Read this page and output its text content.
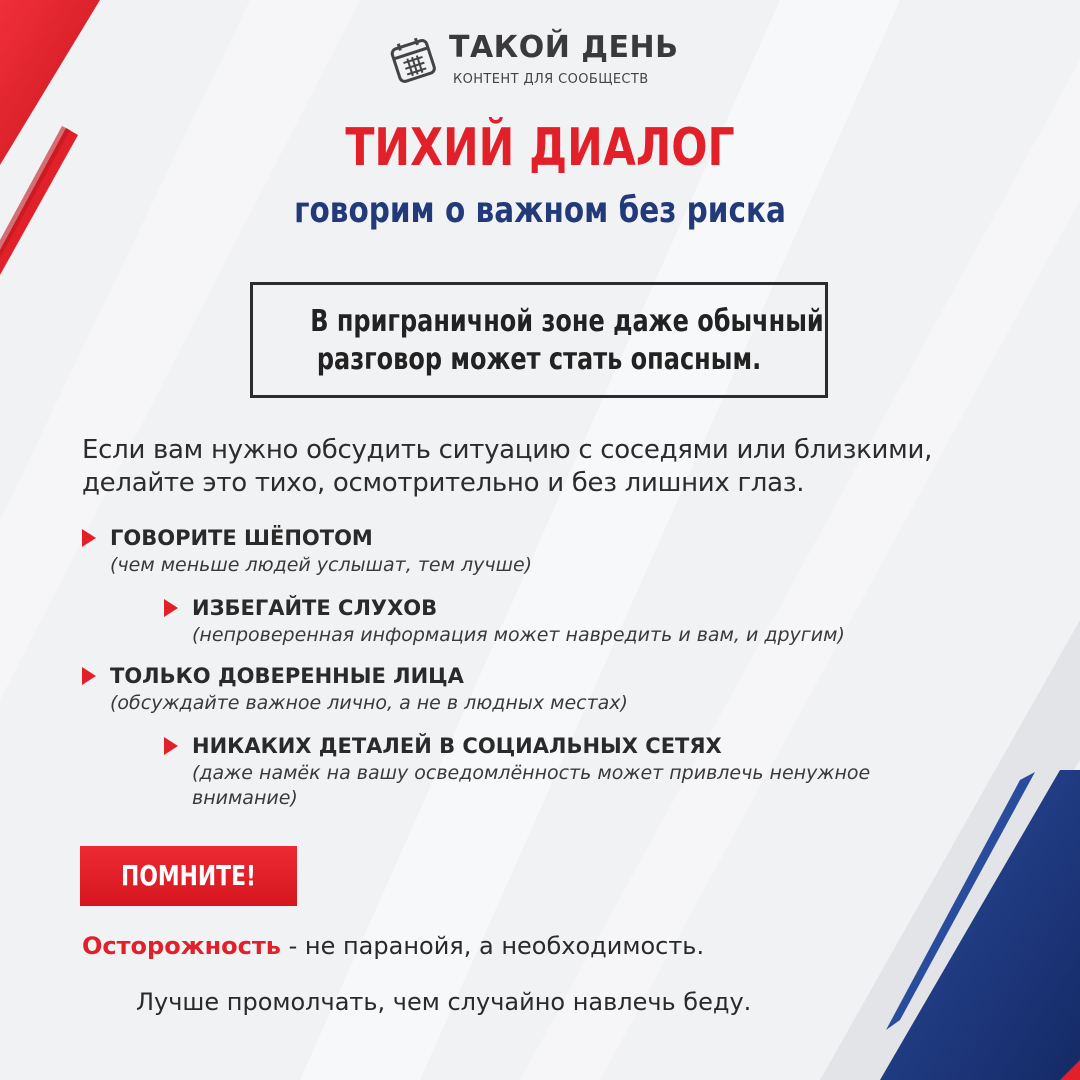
ТАКОЙ ДЕНЬ
КОНТЕНТ ДЛЯ СООБЩЕСТВ
ТИХИЙ ДИАЛОГ
говорим о важном без риска
В приграничной зоне даже обычный
разговор может стать опасным.
Если вам нужно обсудить ситуацию с соседями или близкими,
делайте это тихо, осмотрительно и без лишних глаз.
ГОВОРИТЕ ШЁПОТОМ
(чем меньше людей услышат, тем лучше)
ИЗБЕГАЙТЕ СЛУХОВ
(непроверенная информация может навредить и вам, и другим)
ТОЛЬКО ДОВЕРЕННЫЕ ЛИЦА
(обсуждайте важное лично, а не в людных местах)
НИКАКИХ ДЕТАЛЕЙ В СОЦИАЛЬНЫХ СЕТЯХ
(даже намёк на вашу осведомлённость может привлечь ненужное
внимание)
ПОМНИТЕ!
Осторожность - не паранойя, а необходимость.
Лучше промолчать, чем случайно навлечь беду.
